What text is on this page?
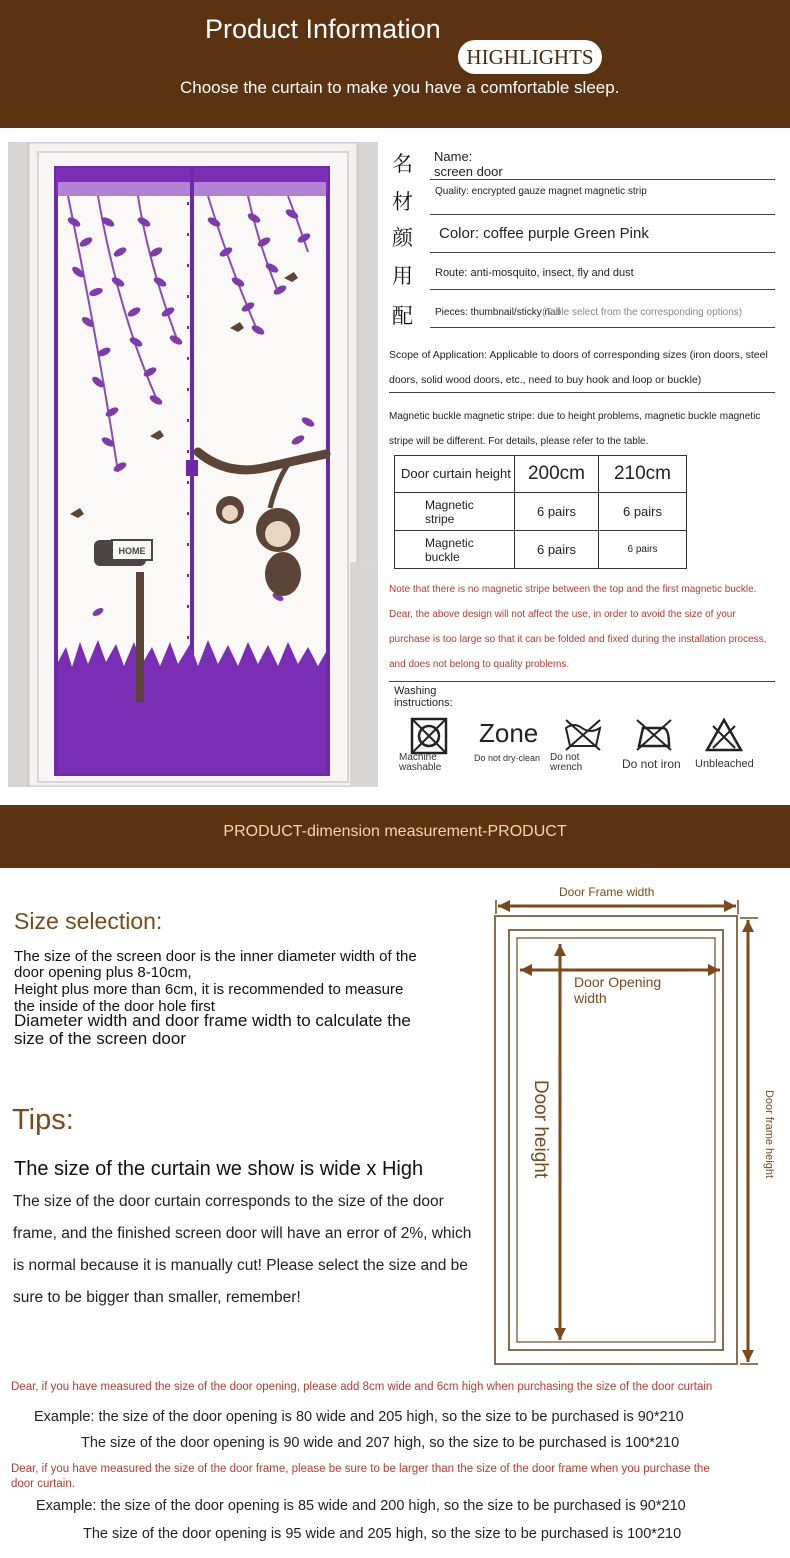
Product Information
HIGHLIGHTS
Choose the curtain to make you have a comfortable sleep.
HOME
名 Name:
screen door
材 Quality: encrypted gauze magnet magnetic strip
颜 Color: coffee purple Green Pink
用 Route: anti-mosquito, insect, fly and dust
配 Pieces: thumbnail/sticky nail
(Table select from the corresponding options)
Scope of Application: Applicable to doors of corresponding sizes (iron doors, steel doors, solid wood doors, etc., need to buy hook and loop or buckle)
Magnetic buckle magnetic stripe: due to height problems, magnetic buckle magnetic stripe will be different. For details, please refer to the table.
Door curtain height	200cm	210cm
Magnetic stripe	6 pairs	6 pairs
Magnetic buckle	6 pairs	6 pairs
Note that there is no magnetic stripe between the top and the first magnetic buckle. Dear, the above design will not affect the use, in order to avoid the size of your purchase is too large so that it can be folded and fixed during the installation process, and does not belong to quality problems.
Washing instructions:
Machine washable
Zone
Do not dry-clean Do not wrench	Do not iron Unbleached
PRODUCT-dimension measurement-PRODUCT
Size selection:
The size of the screen door is the inner diameter width of the door opening plus 8-10cm,
Height plus more than 6cm, it is recommended to measure the inside of the door hole first
Diameter width and door frame width to calculate the size of the screen door
Door Frame width
Door Opening width
Door height	Door frame height
Tips:
The size of the curtain we show is wide x High
The size of the door curtain corresponds to the size of the door frame, and the finished screen door will have an error of 2%, which is normal because it is manually cut! Please select the size and be sure to be bigger than smaller, remember!
Dear, if you have measured the size of the door opening, please add 8cm wide and 6cm high when purchasing the size of the door curtain
Example: the size of the door opening is 80 wide and 205 high, so the size to be purchased is 90*210
The size of the door opening is 90 wide and 207 high, so the size to be purchased is 100*210
Dear, if you have measured the size of the door frame, please be sure to be larger than the size of the door frame when you purchase the door curtain.
Example: the size of the door opening is 85 wide and 200 high, so the size to be purchased is 90*210
The size of the door opening is 95 wide and 205 high, so the size to be purchased is 100*210
